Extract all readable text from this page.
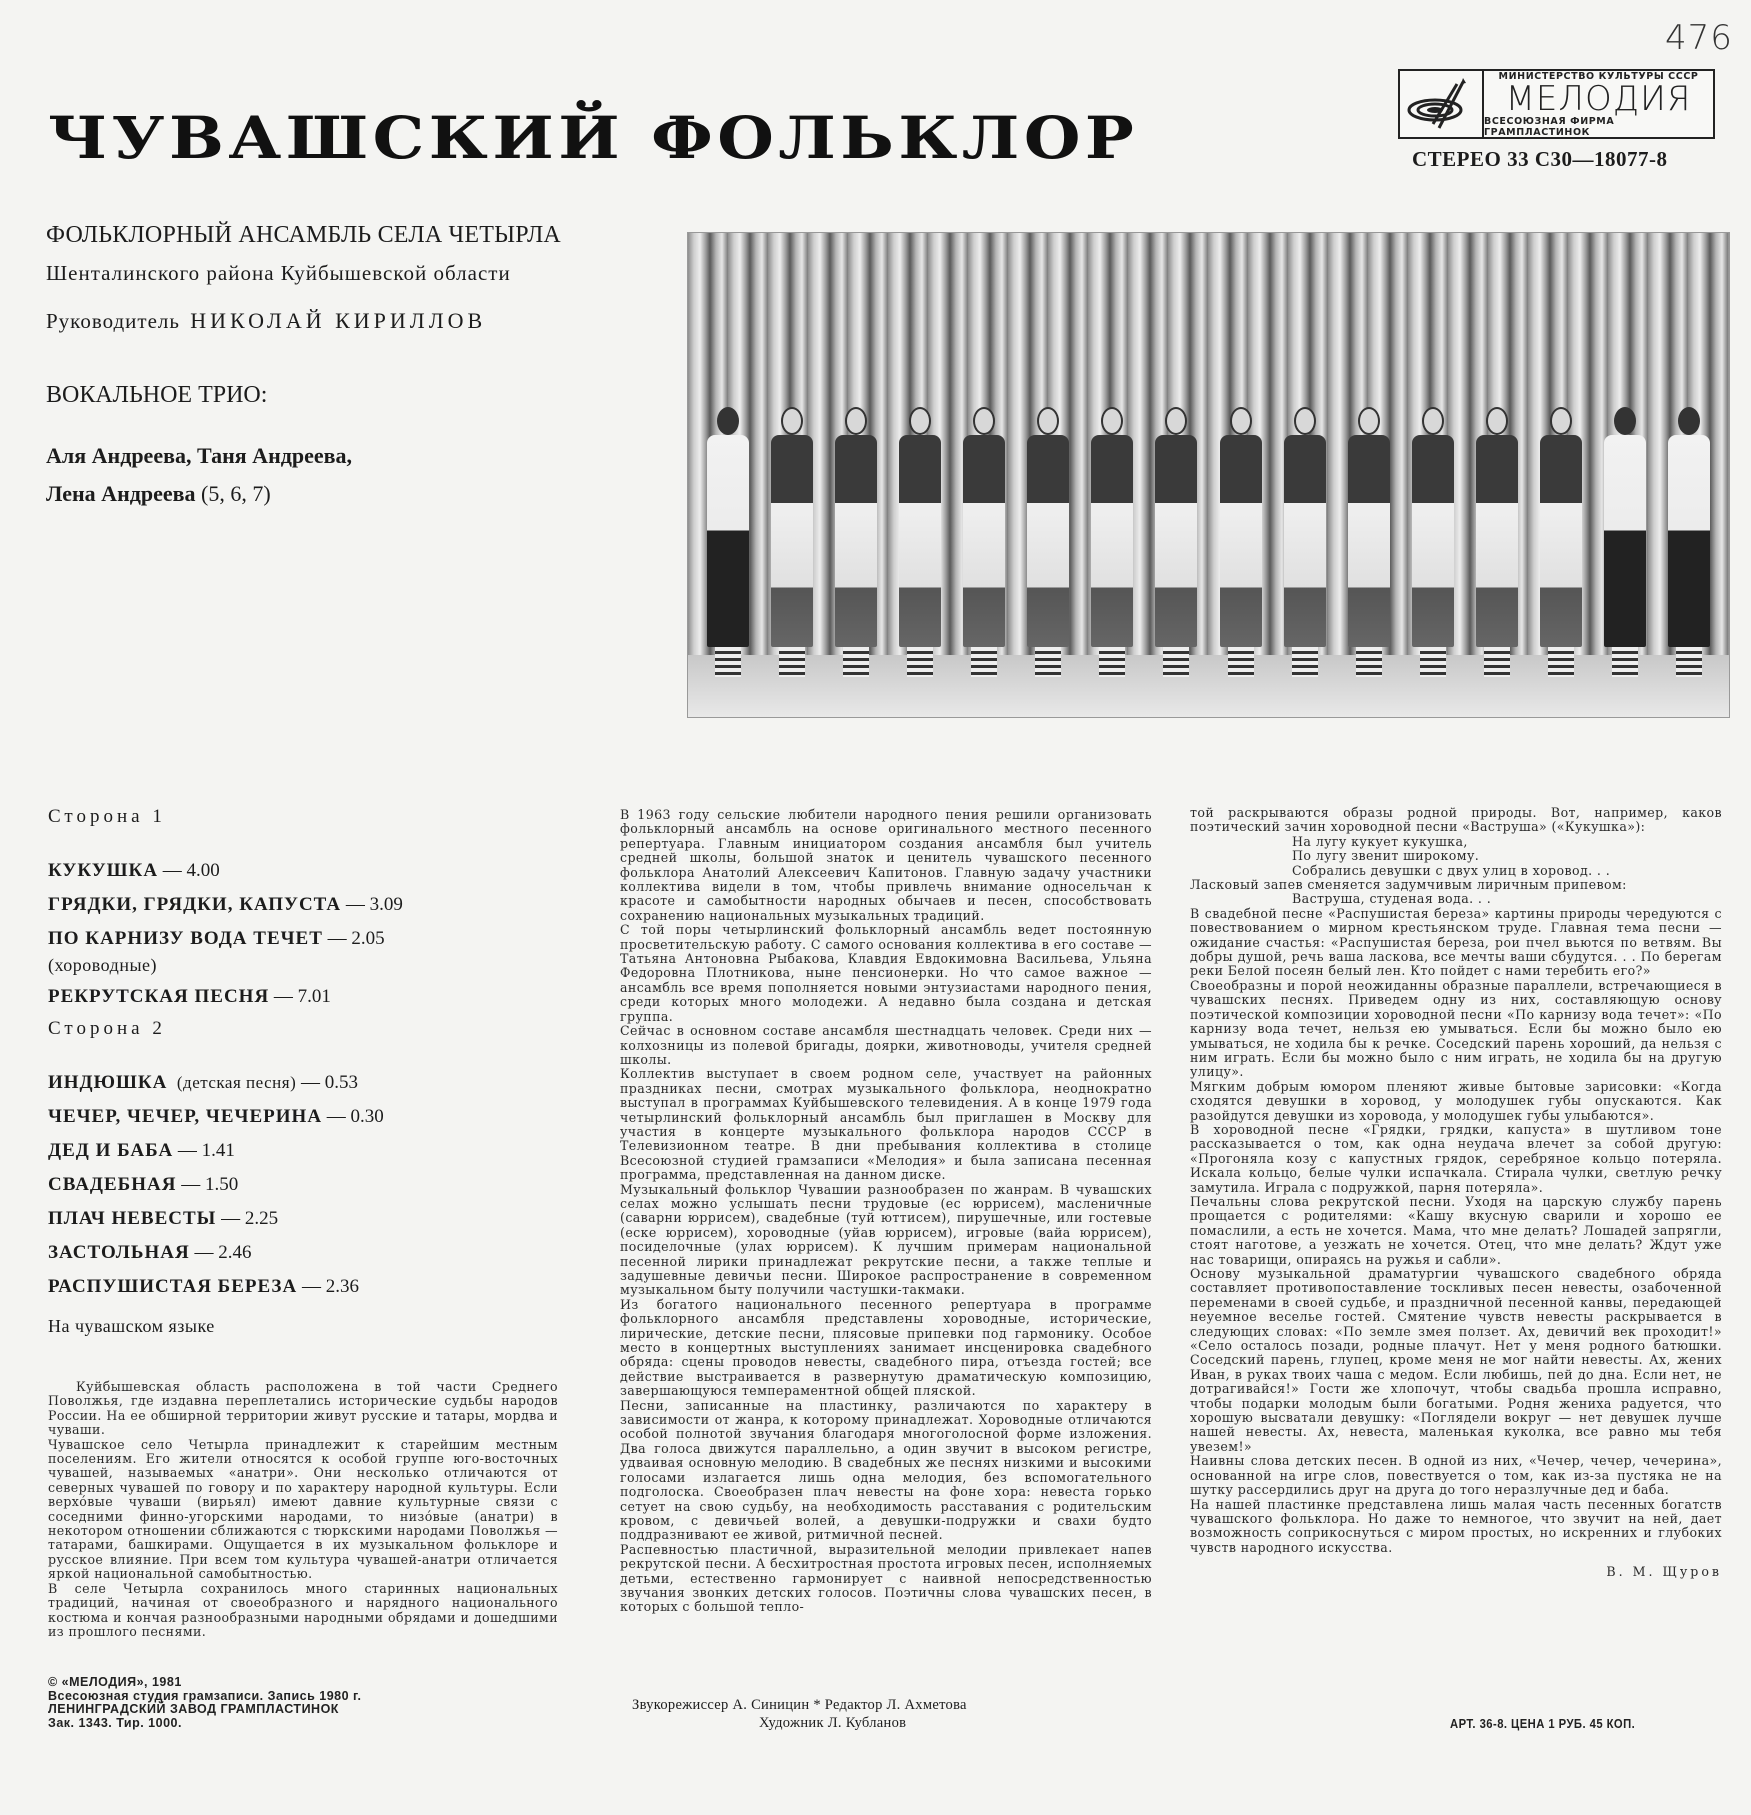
476
МИНИСТЕРСТВО КУЛЬТУРЫ СССР
МЕЛОДИЯ
ВСЕСОЮЗНАЯ ФИРМА ГРАМПЛАСТИНОК
СТЕРЕО 33 С30—18077-8
ЧУВАШСКИЙ ФОЛЬКЛОР
ФОЛЬКЛОРНЫЙ АНСАМБЛЬ СЕЛА ЧЕТЫРЛА
Шенталинского района Куйбышевской области
Руководитель НИКОЛАЙ КИРИЛЛОВ
ВОКАЛЬНОЕ ТРИО:
Аля Андреева, Таня Андреева,
Лена Андреева (5, 6, 7)
Сторона 1
КУКУШКА — 4.00
ГРЯДКИ, ГРЯДКИ, КАПУСТА — 3.09
ПО КАРНИЗУ ВОДА ТЕЧЕТ — 2.05
(хороводные)
РЕКРУТСКАЯ ПЕСНЯ — 7.01
Сторона 2
ИНДЮШКА (детская песня) — 0.53
ЧЕЧЕР, ЧЕЧЕР, ЧЕЧЕРИНА — 0.30
ДЕД И БАБА — 1.41
СВАДЕБНАЯ — 1.50
ПЛАЧ НЕВЕСТЫ — 2.25
ЗАСТОЛЬНАЯ — 2.46
РАСПУШИСТАЯ БЕРЕЗА — 2.36
На чувашском языке

Куйбышевская область расположена в той части Среднего Поволжья, где издавна переплетались исторические судьбы народов России. На ее обширной территории живут русские и татары, мордва и чуваши.

Чувашское село Четырла принадлежит к старейшим местным поселениям. Его жители относятся к особой группе юго-восточных чувашей, называемых «анатри». Они несколько отличаются от северных чувашей по говору и по характеру народной культуры. Если верхóвые чуваши (вирьял) имеют давние культурные связи с соседними финно-угорскими народами, то низóвые (анатри) в некотором отношении сближаются с тюркскими народами Поволжья — татарами, башкирами. Ощущается в их музыкальном фольклоре и русское влияние. При всем том культура чувашей-анатри отличается яркой национальной самобытностью.

В селе Четырла сохранилось много старинных национальных традиций, начиная от своеобразного и нарядного национального костюма и кончая разнообразными народными обрядами и дошедшими из прошлого песнями.

В 1963 году сельские любители народного пения решили организовать фольклорный ансамбль на основе оригинального местного песенного репертуара. Главным инициатором создания ансамбля был учитель средней школы, большой знаток и ценитель чувашского песенного фольклора Анатолий Алексеевич Капитонов. Главную задачу участники коллектива видели в том, чтобы привлечь внимание односельчан к красоте и самобытности народных обычаев и песен, способствовать сохранению национальных музыкальных традиций.

С той поры четырлинский фольклорный ансамбль ведет постоянную просветительскую работу. С самого основания коллектива в его составе — Татьяна Антоновна Рыбакова, Клавдия Евдокимовна Васильева, Ульяна Федоровна Плотникова, ныне пенсионерки. Но что самое важное — ансамбль все время пополняется новыми энтузиастами народного пения, среди которых много молодежи. А недавно была создана и детская группа.

Сейчас в основном составе ансамбля шестнадцать человек. Среди них — колхозницы из полевой бригады, доярки, животноводы, учителя средней школы.

Коллектив выступает в своем родном селе, участвует на районных праздниках песни, смотрах музыкального фольклора, неоднократно выступал в программах Куйбышевского телевидения. А в конце 1979 года четырлинский фольклорный ансамбль был приглашен в Москву для участия в концерте музыкального фольклора народов СССР в Телевизионном театре. В дни пребывания коллектива в столице Всесоюзной студией грамзаписи «Мелодия» и была записана песенная программа, представленная на данном диске.

Музыкальный фольклор Чувашии разнообразен по жанрам. В чувашских селах можно услышать песни трудовые (ес юррисем), масленичные (саварни юррисем), свадебные (туй юттисем), пирушечные, или гостевые (еске юррисем), хороводные (уйав юррисем), игровые (вайа юррисем), посиделочные (улах юррисем). К лучшим примерам национальной песенной лирики принадлежат рекрутские песни, а также теплые и задушевные девичьи песни. Широкое распространение в современном музыкальном быту получили частушки-такмаки.

Из богатого национального песенного репертуара в программе фольклорного ансамбля представлены хороводные, исторические, лирические, детские песни, плясовые припевки под гармонику. Особое место в концертных выступлениях занимает инсценировка свадебного обряда: сцены проводов невесты, свадебного пира, отъезда гостей; все действие выстраивается в развернутую драматическую композицию, завершающуюся темпераментной общей пляской.

Песни, записанные на пластинку, различаются по характеру в зависимости от жанра, к которому принадлежат. Хороводные отличаются особой полнотой звучания благодаря многоголосной форме изложения. Два голоса движутся параллельно, а один звучит в высоком регистре, удваивая основную мелодию. В свадебных же песнях низкими и высокими голосами излагается лишь одна мелодия, без вспомогательного подголоска. Своеобразен плач невесты на фоне хора: невеста горько сетует на свою судьбу, на необходимость расставания с родительским кровом, с девичьей волей, а девушки-подружки и свахи будто поддразнивают ее живой, ритмичной песней.

Распевностью пластичной, выразительной мелодии привлекает напев рекрутской песни. А бесхитростная простота игровых песен, исполняемых детьми, естественно гармонирует с наивной непосредственностью звучания звонких детских голосов. Поэтичны слова чувашских песен, в которых с большой тепло-

той раскрываются образы родной природы. Вот, например, каков поэтический зачин хороводной песни «Ваструша» («Кукушка»):

На лугу кукует кукушка,

По лугу звенит широкому.

Собрались девушки с двух улиц в хоровод. . .

Ласковый запев сменяется задумчивым лиричным припевом:

Ваструша, студеная вода. . .

В свадебной песне «Распушистая береза» картины природы чередуются с повествованием о мирном крестьянском труде. Главная тема песни — ожидание счастья: «Распушистая береза, рои пчел вьются по ветвям. Вы добры душой, речь ваша ласкова, все мечты ваши сбудутся. . . По берегам реки Белой посеян белый лен. Кто пойдет с нами теребить его?»

Своеобразны и порой неожиданны образные параллели, встречающиеся в чувашских песнях. Приведем одну из них, составляющую основу поэтической композиции хороводной песни «По карнизу вода течет»: «По карнизу вода течет, нельзя ею умываться. Если бы можно было ею умываться, не ходила бы к речке. Соседский парень хороший, да нельзя с ним играть. Если бы можно было с ним играть, не ходила бы на другую улицу».

Мягким добрым юмором пленяют живые бытовые зарисовки: «Когда сходятся девушки в хоровод, у молодушек губы опускаются. Как разойдутся девушки из хоровода, у молодушек губы улыбаются».

В хороводной песне «Грядки, грядки, капуста» в шутливом тоне рассказывается о том, как одна неудача влечет за собой другую: «Прогоняла козу с капустных грядок, серебряное кольцо потеряла. Искала кольцо, белые чулки испачкала. Стирала чулки, светлую речку замутила. Играла с подружкой, парня потеряла».

Печальны слова рекрутской песни. Уходя на царскую службу парень прощается с родителями: «Кашу вкусную сварили и хорошо ее помаслили, а есть не хочется. Мама, что мне делать? Лошадей запрягли, стоят наготове, а уезжать не хочется. Отец, что мне делать? Ждут уже нас товарищи, опираясь на ружья и сабли».

Основу музыкальной драматургии чувашского свадебного обряда составляет противопоставление тоскливых песен невесты, озабоченной переменами в своей судьбе, и праздничной песенной канвы, передающей неуемное веселье гостей. Смятение чувств невесты раскрывается в следующих словах: «По земле змея ползет. Ах, девичий век проходит!» «Село осталось позади, родные плачут. Нет у меня родного батюшки. Соседский парень, глупец, кроме меня не мог найти невесты. Ах, жених Иван, в руках твоих чаша с медом. Если любишь, пей до дна. Если нет, не дотрагивайся!» Гости же хлопочут, чтобы свадьба прошла исправно, чтобы подарки молодым были богатыми. Родня жениха радуется, что хорошую высватали девушку: «Поглядели вокруг — нет девушек лучше нашей невесты. Ах, невеста, маленькая куколка, все равно мы тебя увезем!»

Наивны слова детских песен. В одной из них, «Чечер, чечер, чечерина», основанной на игре слов, повествуется о том, как из-за пустяка не на шутку рассердились друг на друга до того неразлучные дед и баба.

На нашей пластинке представлена лишь малая часть песенных богатств чувашского фольклора. Но даже то немногое, что звучит на ней, дает возможность соприкоснуться с миром простых, но искренних и глубоких чувств народного искусства.

В. М. Щуров

© «МЕЛОДИЯ», 1981
Всесоюзная студия грамзаписи. Запись 1980 г.
ЛЕНИНГРАДСКИЙ ЗАВОД ГРАМПЛАСТИНОК
Зак. 1343. Тир. 1000.
Звукорежиссер А. Синицин * Редактор Л. Ахметова
Художник Л. Кубланов	АРТ. 36-8. ЦЕНА 1 РУБ. 45 КОП.
